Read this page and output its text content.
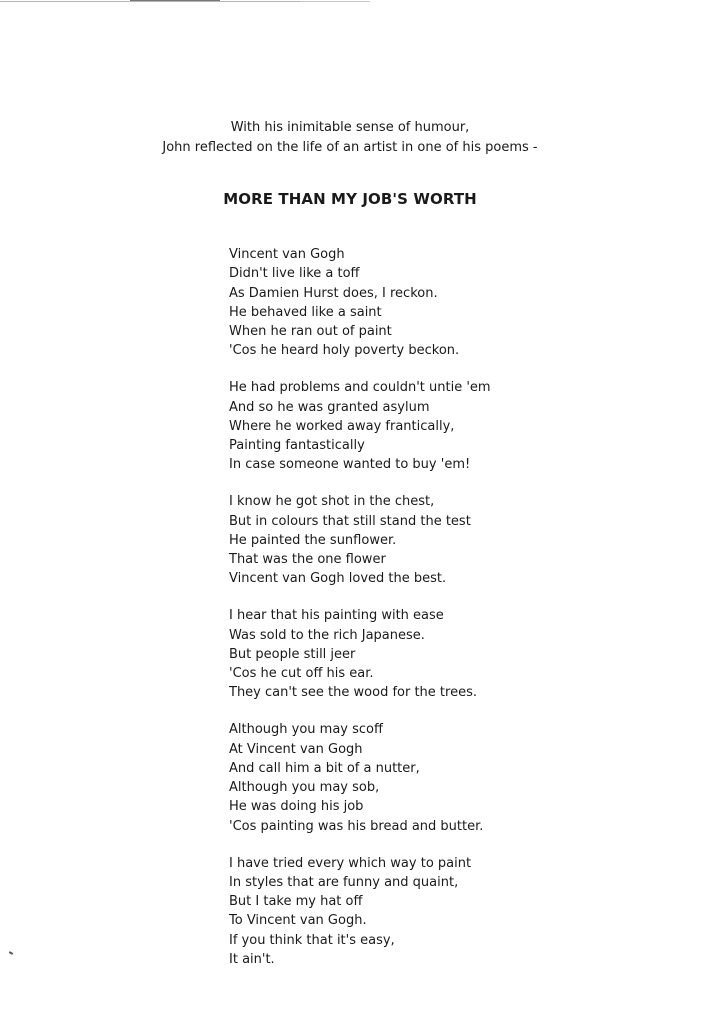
With his inimitable sense of humour,
John reflected on the life of an artist in one of his poems -
MORE THAN MY JOB'S WORTH
Vincent van Gogh
Didn't live like a toff
As Damien Hurst does, I reckon.
He behaved like a saint
When he ran out of paint
'Cos he heard holy poverty beckon.
He had problems and couldn't untie 'em
And so he was granted asylum
Where he worked away frantically,
Painting fantastically
In case someone wanted to buy 'em!
I know he got shot in the chest,
But in colours that still stand the test
He painted the sunflower.
That was the one flower
Vincent van Gogh loved the best.
I hear that his painting with ease
Was sold to the rich Japanese.
But people still jeer
'Cos he cut off his ear.
They can't see the wood for the trees.
Although you may scoff
At Vincent van Gogh
And call him a bit of a nutter,
Although you may sob,
He was doing his job
'Cos painting was his bread and butter.
I have tried every which way to paint
In styles that are funny and quaint,
But I take my hat off
To Vincent van Gogh.
If you think that it's easy,
It ain't.
